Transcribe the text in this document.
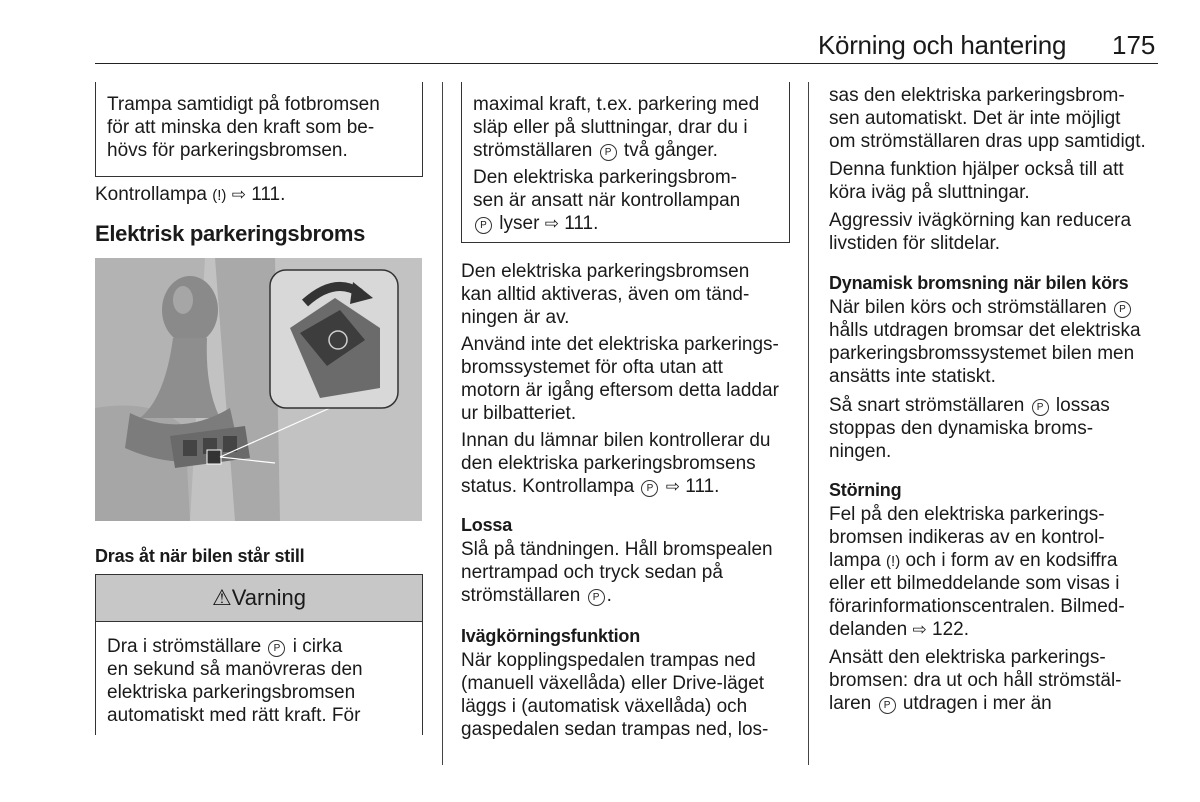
Körning och hantering 175
Trampa samtidigt på fotbromsen
för att minska den kraft som be-
hövs för parkeringsbromsen.
Kontrollampa (!) ⇨ 111.
Elektrisk parkeringsbroms
Dras åt när bilen står still
⚠Varning
Dra i strömställare P i cirka
en sekund så manövreras den
elektriska parkeringsbromsen
automatiskt med rätt kraft. För
maximal kraft, t.ex. parkering med
släp eller på sluttningar, drar du i
strömställaren P två gånger.
Den elektriska parkeringsbrom-
sen är ansatt när kontrollampan
P lyser ⇨ 111.
Den elektriska parkeringsbromsen
kan alltid aktiveras, även om tänd-
ningen är av.
Använd inte det elektriska parkerings-
bromssystemet för ofta utan att
motorn är igång eftersom detta laddar
ur bilbatteriet.
Innan du lämnar bilen kontrollerar du
den elektriska parkeringsbromsens
status. Kontrollampa P ⇨ 111.
Lossa
Slå på tändningen. Håll bromspealen
nertrampad och tryck sedan på
strömställaren P .
Ivägkörningsfunktion
När kopplingspedalen trampas ned
(manuell växellåda) eller Drive-läget
läggs i (automatisk växellåda) och
gaspedalen sedan trampas ned, los-
sas den elektriska parkeringsbrom-
sen automatiskt. Det är inte möjligt
om strömställaren dras upp samtidigt.
Denna funktion hjälper också till att
köra iväg på sluttningar.
Aggressiv ivägkörning kan reducera
livstiden för slitdelar.
Dynamisk bromsning när bilen körs
När bilen körs och strömställaren P
hålls utdragen bromsar det elektriska
parkeringsbromssystemet bilen men
ansätts inte statiskt.
Så snart strömställaren P lossas
stoppas den dynamiska broms-
ningen.
Störning
Fel på den elektriska parkerings-
bromsen indikeras av en kontrol-
lampa (!) och i form av en kodsiffra
eller ett bilmeddelande som visas i
förarinformationscentralen. Bilmed-
delanden ⇨ 122.
Ansätt den elektriska parkerings-
bromsen: dra ut och håll strömstäl-
laren P utdragen i mer än
